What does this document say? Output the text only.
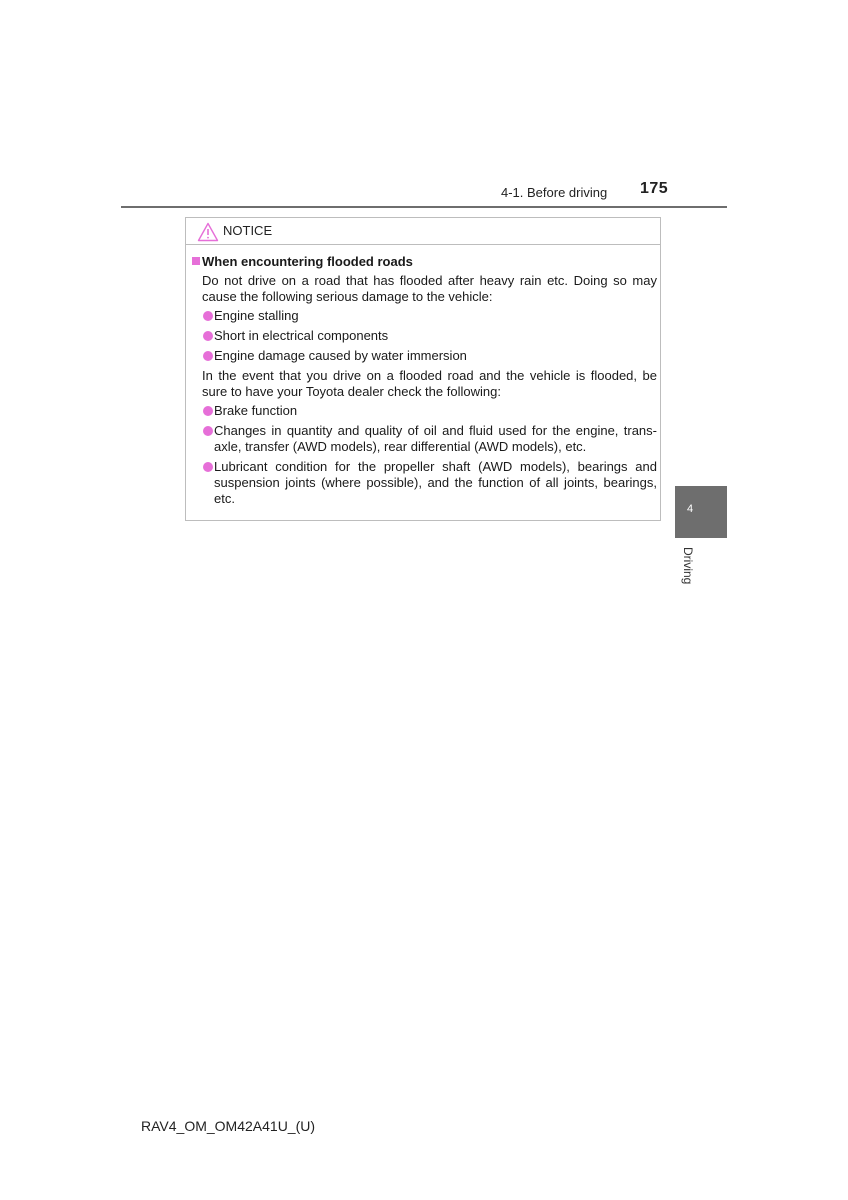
4-1. Before driving 175
NOTICE
When encountering flooded roads
Do not drive on a road that has flooded after heavy rain etc. Doing so may cause the following serious damage to the vehicle:
Engine stalling
Short in electrical components
Engine damage caused by water immersion
In the event that you drive on a flooded road and the vehicle is flooded, be sure to have your Toyota dealer check the following:
Brake function
Changes in quantity and quality of oil and fluid used for the engine, transaxle, transfer (AWD models), rear differential (AWD models), etc.
Lubricant condition for the propeller shaft (AWD models), bearings and suspension joints (where possible), and the function of all joints, bearings, etc.
4
Driving
RAV4_OM_OM42A41U_(U)
